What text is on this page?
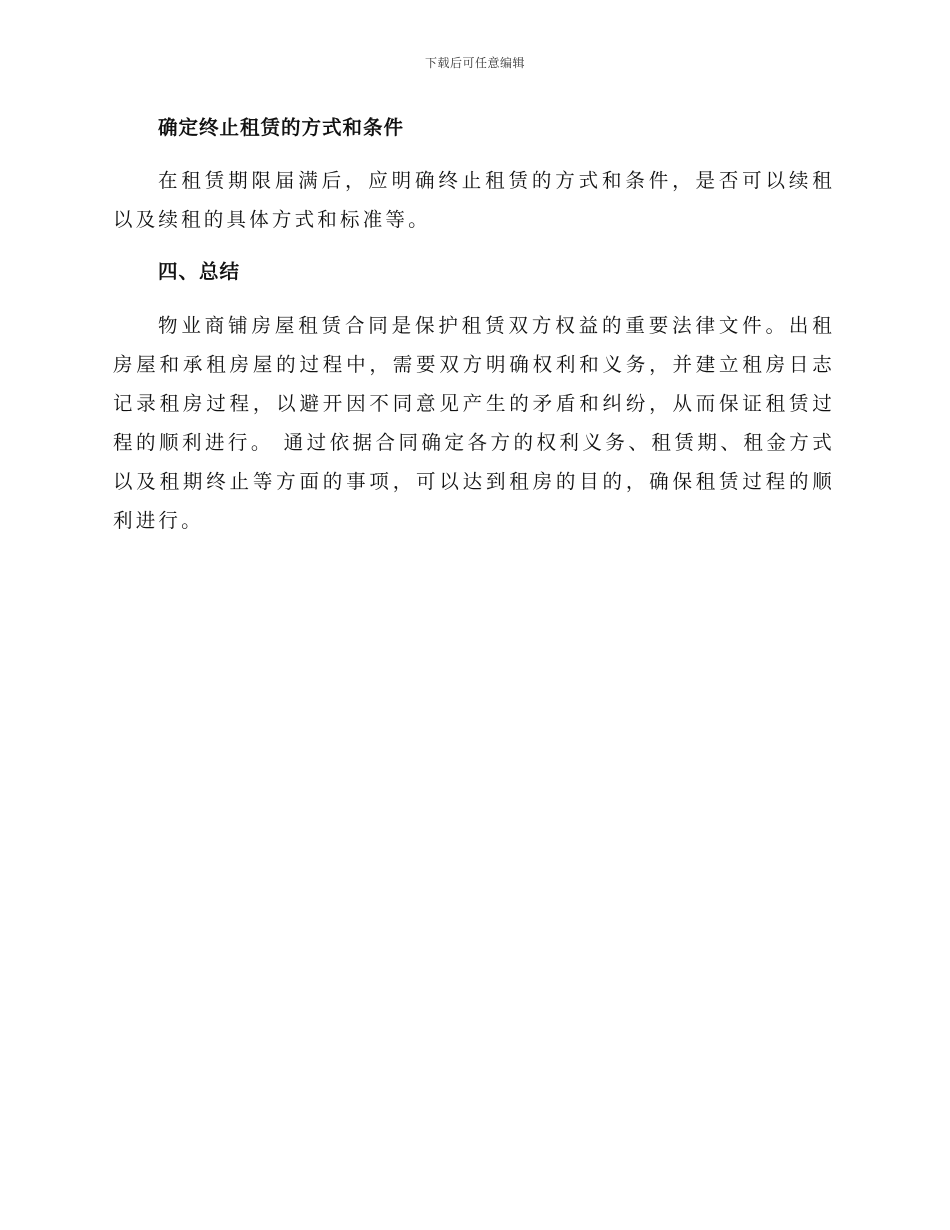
下载后可任意编辑
确定终止租赁的方式和条件

在租赁期限届满后，应明确终止租赁的方式和条件，是否可以续租以及续租的具体方式和标准等。

四、总结

物业商铺房屋租赁合同是保护租赁双方权益的重要法律文件。出租房屋和承租房屋的过程中，需要双方明确权利和义务，并建立租房日志记录租房过程，以避开因不同意见产生的矛盾和纠纷，从而保证租赁过程的顺利进行。 通过依据合同确定各方的权利义务、租赁期、租金方式以及租期终止等方面的事项，可以达到租房的目的，确保租赁过程的顺利进行。
